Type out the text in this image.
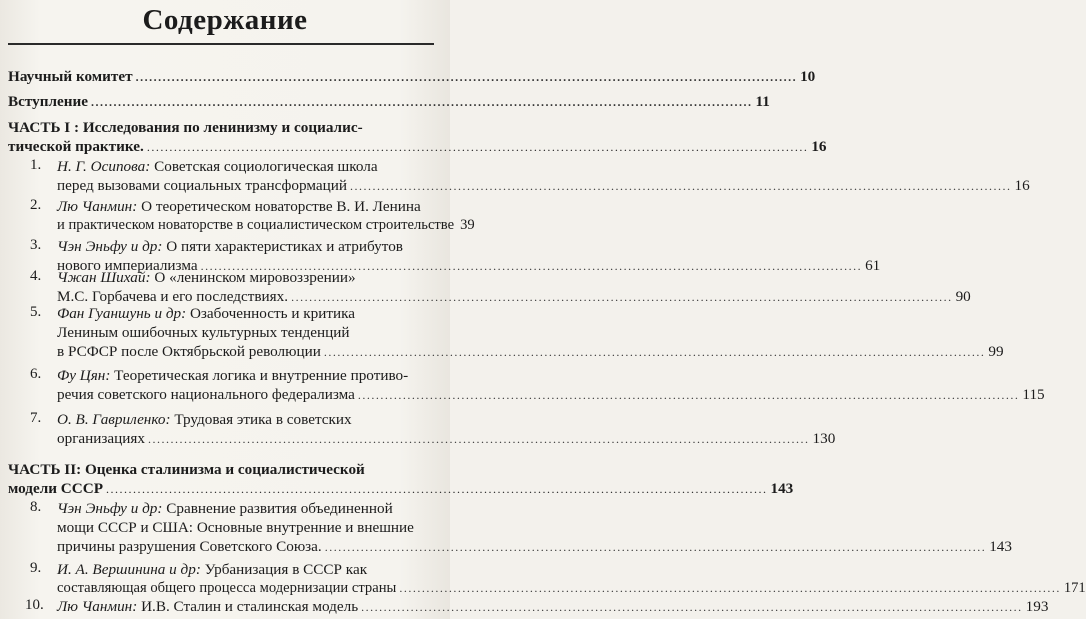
Содержание
Научный комитет .....	10
Вступление .....	11
ЧАСТЬ I : Исследования по ленинизму и социалис-
тической практике. .....	16
1. Н. Г. Осипова: Советская социологическая школа
перед вызовами социальных трансформаций .....	16
2. Лю Чанмин: О теоретическом новаторстве В. И. Ленина
и практическом новаторстве в социалистическом строительстве 39
3. Чэн Эньфу и др: О пяти характеристиках и атрибутов
нового империализма .....	61
4. Чжан Шихай: О «ленинском мировоззрении»
М.С. Горбачева и его последствиях. .....	90
5. Фан Гуаншунь и др: Озабоченность и критика
Лениным ошибочных культурных тенденций
в РСФСР после Октябрьской революции .....	99
6. Фу Цян: Теоретическая логика и внутренние противо-
речия советского национального федерализма .....	115
7. О. В. Гавриленко: Трудовая этика в советских
организациях .....	130
ЧАСТЬ II: Оценка сталинизма и социалистической
модели СССР .....	143
8. Чэн Эньфу и др: Сравнение развития объединенной
мощи СССР и США: Основные внутренние и внешние
причины разрушения Советского Союза. .....	143
9. И. А. Вершинина и др: Урбанизация в СССР как
составляющая общего процесса модернизации страны .....	171
10. Лю Чанмин: И.В. Сталин и сталинская модель .....	193
